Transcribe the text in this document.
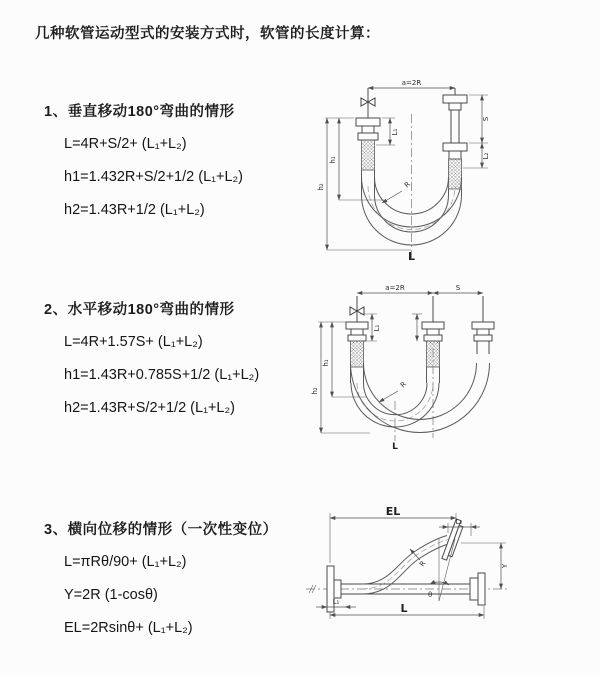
几种软管运动型式的安装方式时，软管的长度计算：
1、垂直移动180°弯曲的情形
L=4R+S/2+ (L₁+L₂)
h1=1.432R+S/2+1/2 (L₁+L₂)
h2=1.43R+1/2 (L₁+L₂)
2、水平移动180°弯曲的情形
L=4R+1.57S+ (L₁+L₂)
h1=1.43R+0.785S+1/2 (L₁+L₂)
h2=1.43R+S/2+1/2 (L₁+L₂)
3、横向位移的情形（一次性变位）
L=πRθ/90+ (L₁+L₂)
Y=2R (1-cosθ)
EL=2Rsinθ+ (L₁+L₂)
a=2R
S
L₂
h₁
h₂
L₁
R
L
a=2R	S
h₁
h₂
L₁
R
L
θ
EL
L₂
Y
R
L₁	L
